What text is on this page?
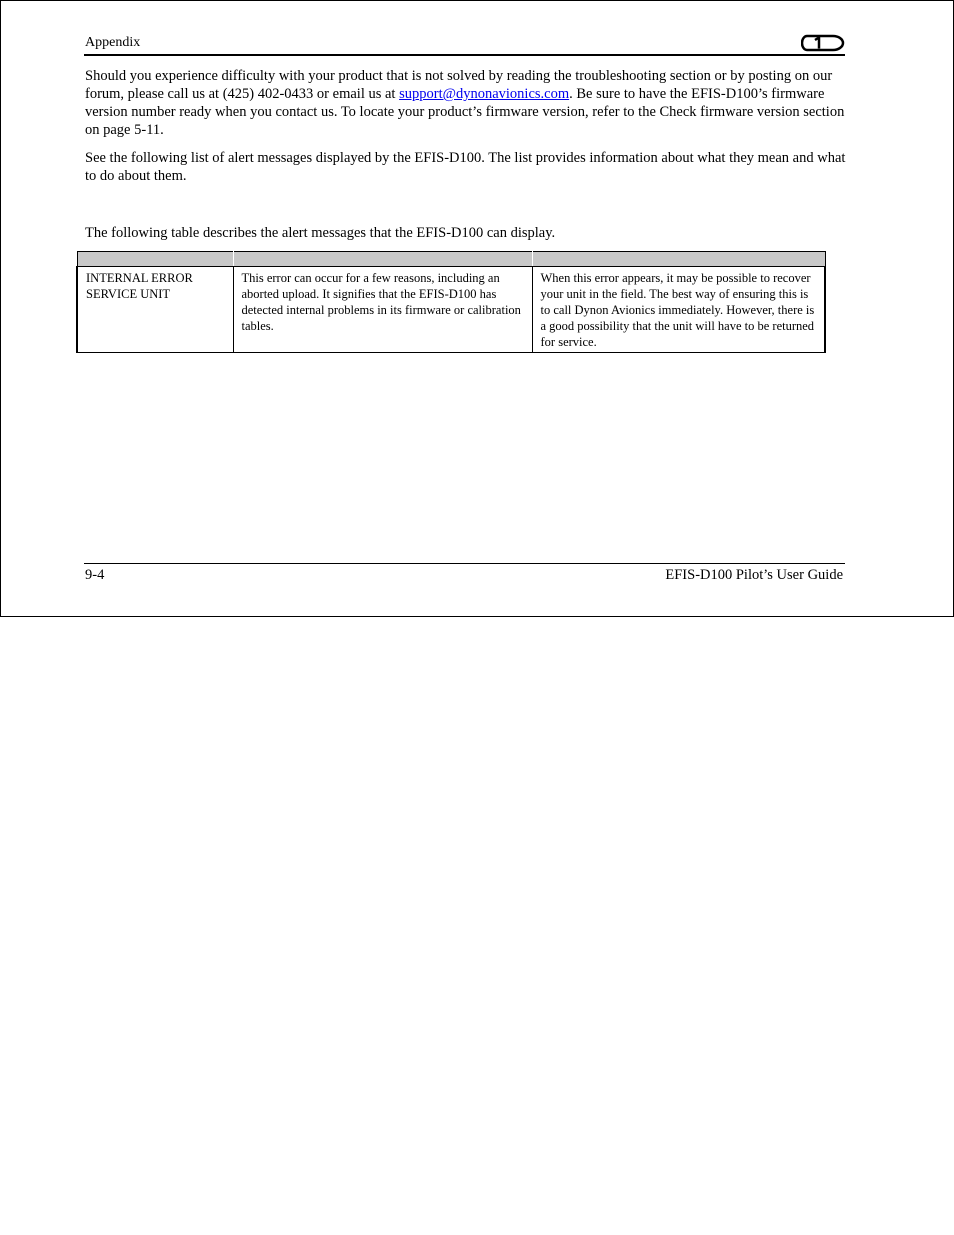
Appendix

Should you experience difficulty with your product that is not solved by reading the troubleshooting section or by posting on our forum, please call us at (425) 402-0433 or email us at support@dynonavionics.com. Be sure to have the EFIS-D100’s firmware version number ready when you contact us. To locate your product’s firmware version, refer to the Check firmware version section on page 5-11.

See the following list of alert messages displayed by the EFIS-D100. The list provides information about what they mean and what to do about them.

The following table describes the alert messages that the EFIS-D100 can display.

INTERNAL ERROR SERVICE UNIT	This error can occur for a few reasons, including an aborted upload. It signifies that the EFIS-D100 has detected internal problems in its firmware or calibration tables.	When this error appears, it may be possible to recover your unit in the field. The best way of ensuring this is to call Dynon Avionics immediately. However, there is a good possibility that the unit will have to be returned for service.
9-4	EFIS-D100 Pilot’s User Guide
